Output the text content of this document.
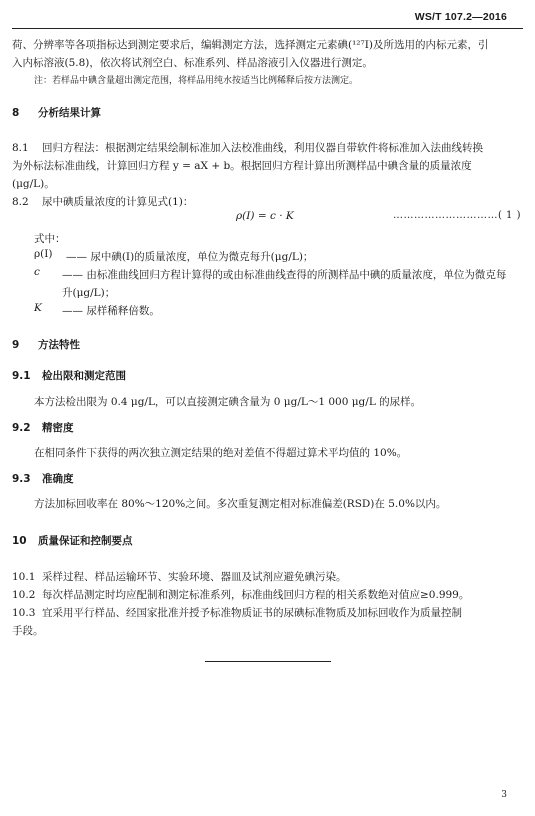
WS/T 107.2—2016
荷、分辨率等各项指标达到测定要求后，编辑测定方法，选择测定元素碘(¹²⁷I)及所选用的内标元素，引
入内标溶液(5.8)，依次将试剂空白、标准系列、样品溶液引入仪器进行测定。
注：若样品中碘含量超出测定范围，将样品用纯水按适当比例稀释后按方法测定。
8 分析结果计算
8.1 回归方程法：根据测定结果绘制标准加入法校准曲线，利用仪器自带软件将标准加入法曲线转换
为外标法标准曲线，计算回归方程 y = aX + b。根据回归方程计算出所测样品中碘含量的质量浓度
(μg/L)。
8.2 尿中碘质量浓度的计算见式(1)：
ρ(I) = c · K	…………………………( 1 )
式中：
ρ(I) —— 尿中碘(I)的质量浓度，单位为微克每升(μg/L)；
c —— 由标准曲线回归方程计算得的或由标准曲线查得的所测样品中碘的质量浓度，单位为微克每升(μg/L)；
K —— 尿样稀释倍数。
9 方法特性
9.1 检出限和测定范围
本方法检出限为 0.4 μg/L，可以直接测定碘含量为 0 μg/L～1 000 μg/L 的尿样。
9.2 精密度
在相同条件下获得的两次独立测定结果的绝对差值不得超过算术平均值的 10%。
9.3 准确度
方法加标回收率在 80%～120%之间。多次重复测定相对标准偏差(RSD)在 5.0%以内。
10 质量保证和控制要点
10.1 采样过程、样品运输环节、实验环境、器皿及试剂应避免碘污染。
10.2 每次样品测定时均应配制和测定标准系列，标准曲线回归方程的相关系数绝对值应≥0.999。
10.3 宜采用平行样品、经国家批准并授予标准物质证书的尿碘标准物质及加标回收作为质量控制
手段。
3
